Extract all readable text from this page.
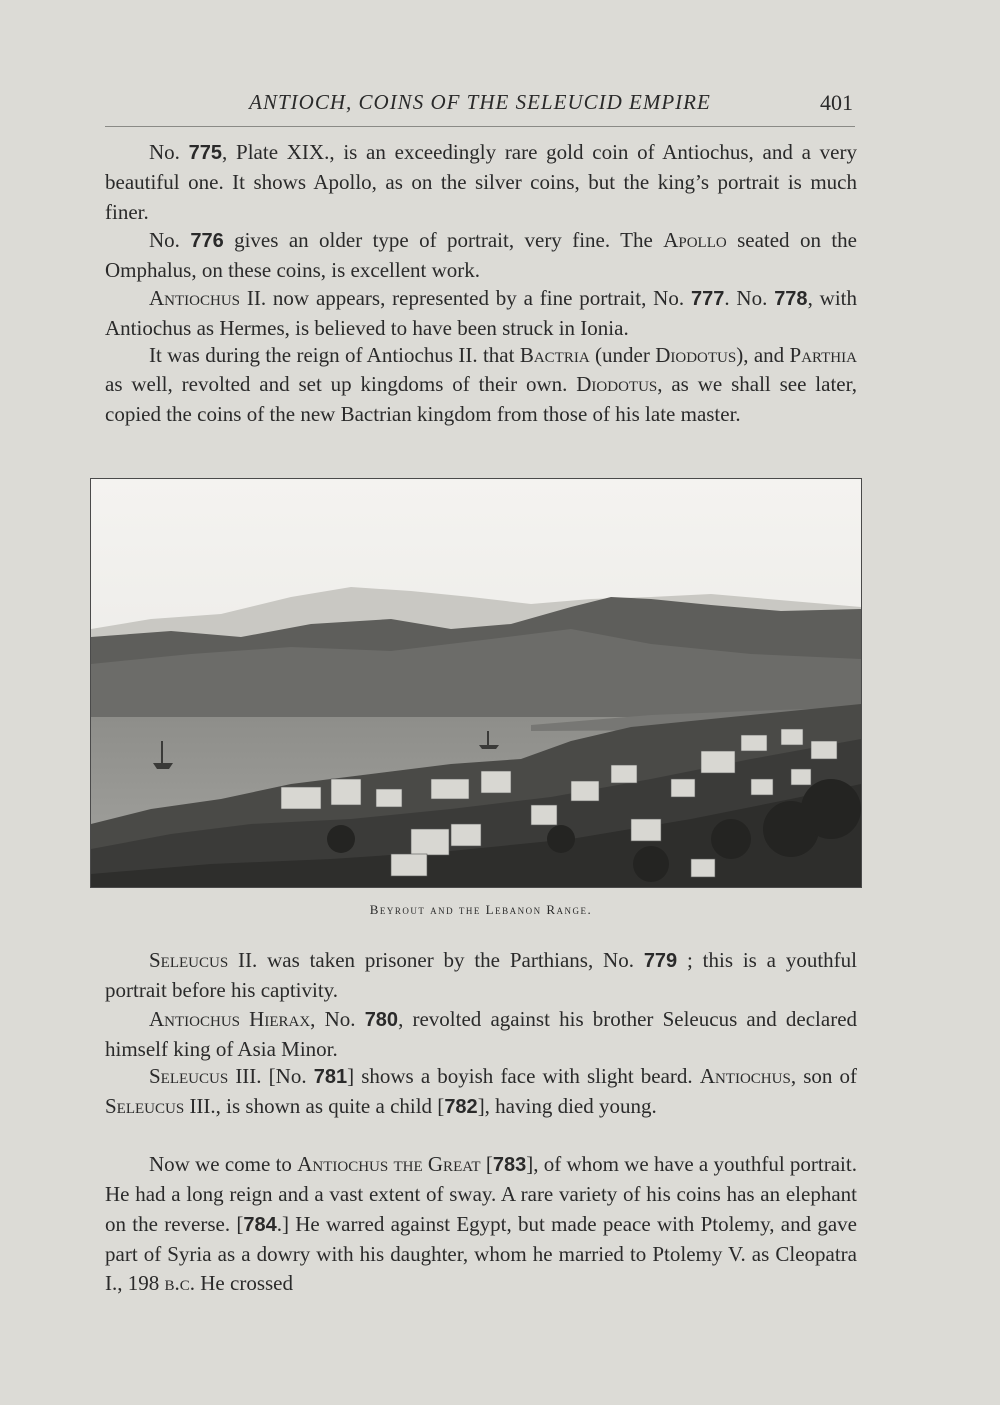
ANTIOCH, COINS OF THE SELEUCID EMPIRE	401

No. 775, Plate XIX., is an exceedingly rare gold coin of Antiochus, and a very beautiful one. It shows Apollo, as on the silver coins, but the king’s portrait is much finer.

No. 776 gives an older type of portrait, very fine. The Apollo seated on the Omphalus, on these coins, is excellent work.

Antiochus II. now appears, represented by a fine portrait, No. 777. No. 778, with Antiochus as Hermes, is believed to have been struck in Ionia.

It was during the reign of Antiochus II. that Bactria (under Diodotus), and Parthia as well, revolted and set up kingdoms of their own. Diodotus, as we shall see later, copied the coins of the new Bactrian kingdom from those of his late master.

Beyrout and the Lebanon Range.

Seleucus II. was taken prisoner by the Parthians, No. 779 ; this is a youthful portrait before his captivity.

Antiochus Hierax, No. 780, revolted against his brother Seleucus and declared himself king of Asia Minor.

Seleucus III. [No. 781] shows a boyish face with slight beard. Antiochus, son of Seleucus III., is shown as quite a child [782], having died young.

Now we come to Antiochus the Great [783], of whom we have a youthful portrait. He had a long reign and a vast extent of sway. A rare variety of his coins has an elephant on the reverse. [784.] He warred against Egypt, but made peace with Ptolemy, and gave part of Syria as a dowry with his daughter, whom he married to Ptolemy V. as Cleopatra I., 198 b.c. He crossed
